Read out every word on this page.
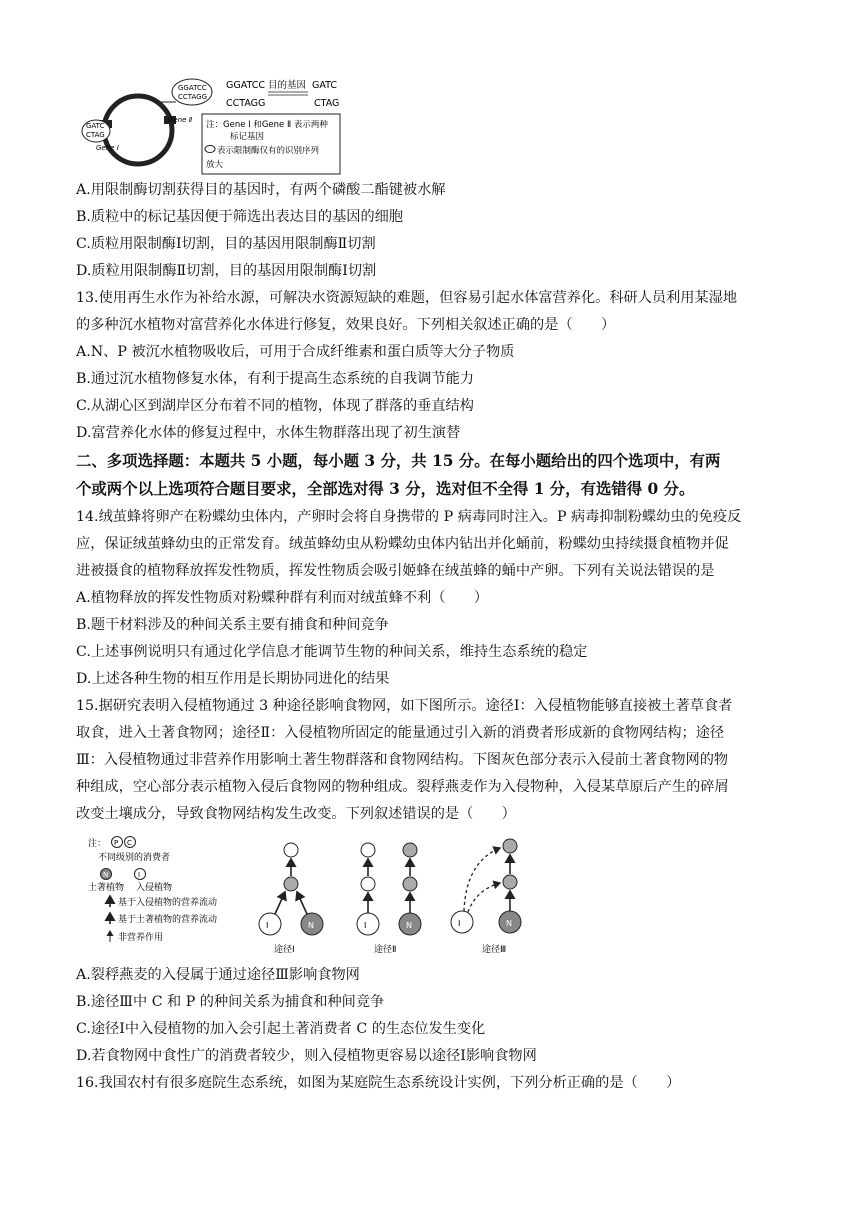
GGATCC
CCTAGG
GATC
CTAG
Gene Ⅰ
Gene Ⅱ
GGATCC 目的基因 GATC
CCTAGG	CTAG
注：Gene Ⅰ 和Gene Ⅱ 表示两种
标记基因
表示限制酶仅有的识别序列
放大
A.用限制酶切割获得目的基因时，有两个磷酸二酯键被水解
B.质粒中的标记基因便于筛选出表达目的基因的细胞
C.质粒用限制酶Ⅰ切割，目的基因用限制酶Ⅱ切割
D.质粒用限制酶Ⅱ切割，目的基因用限制酶Ⅰ切割
13.使用再生水作为补给水源，可解决水资源短缺的难题，但容易引起水体富营养化。科研人员利用某湿地
的多种沉水植物对富营养化水体进行修复，效果良好。下列相关叙述正确的是（　　）
A.N、P 被沉水植物吸收后，可用于合成纤维素和蛋白质等大分子物质
B.通过沉水植物修复水体，有利于提高生态系统的自我调节能力
C.从湖心区到湖岸区分布着不同的植物，体现了群落的垂直结构
D.富营养化水体的修复过程中，水体生物群落出现了初生演替
二、多项选择题：本题共 5 小题，每小题 3 分，共 15 分。在每小题给出的四个选项中，有两
个或两个以上选项符合题目要求，全部选对得 3 分，选对但不全得 1 分，有选错得 0 分。
14.绒茧蜂将卵产在粉蝶幼虫体内，产卵时会将自身携带的 P 病毒同时注入。P 病毒抑制粉蝶幼虫的免疫反
应，保证绒茧蜂幼虫的正常发育。绒茧蜂幼虫从粉蝶幼虫体内钻出并化蛹前，粉蝶幼虫持续摄食植物并促
进被摄食的植物释放挥发性物质，挥发性物质会吸引姬蜂在绒茧蜂的蛹中产卵。下列有关说法错误的是
A.植物释放的挥发性物质对粉蝶种群有利而对绒茧蜂不利（　　）
B.题干材料涉及的种间关系主要有捕食和种间竞争
C.上述事例说明只有通过化学信息才能调节生物的种间关系，维持生态系统的稳定
D.上述各种生物的相互作用是长期协同进化的结果
15.据研究表明入侵植物通过 3 种途径影响食物网，如下图所示。途径Ⅰ：入侵植物能够直接被土著草食者
取食，进入土著食物网；途径Ⅱ：入侵植物所固定的能量通过引入新的消费者形成新的食物网结构；途径
Ⅲ：入侵植物通过非营养作用影响土著生物群落和食物网结构。下图灰色部分表示入侵前土著食物网的物
种组成，空心部分表示植物入侵后食物网的物种组成。裂稃燕麦作为入侵物种，入侵某草原后产生的碎屑
改变土壤成分，导致食物网结构发生改变。下列叙述错误的是（　　）
注： P C
不同级别的消费者
N	I
土著植物 入侵植物
基于入侵植物的营养流动
基于土著植物的营养流动
非营养作用
I	N
途径Ⅰ
I	N
途径Ⅱ
I	N
途径Ⅲ
A.裂稃燕麦的入侵属于通过途径Ⅲ影响食物网
B.途径Ⅲ中 C 和 P 的种间关系为捕食和种间竞争
C.途径Ⅰ中入侵植物的加入会引起土著消费者 C 的生态位发生变化
D.若食物网中食性广的消费者较少，则入侵植物更容易以途径Ⅰ影响食物网
16.我国农村有很多庭院生态系统，如图为某庭院生态系统设计实例，下列分析正确的是（　　）
